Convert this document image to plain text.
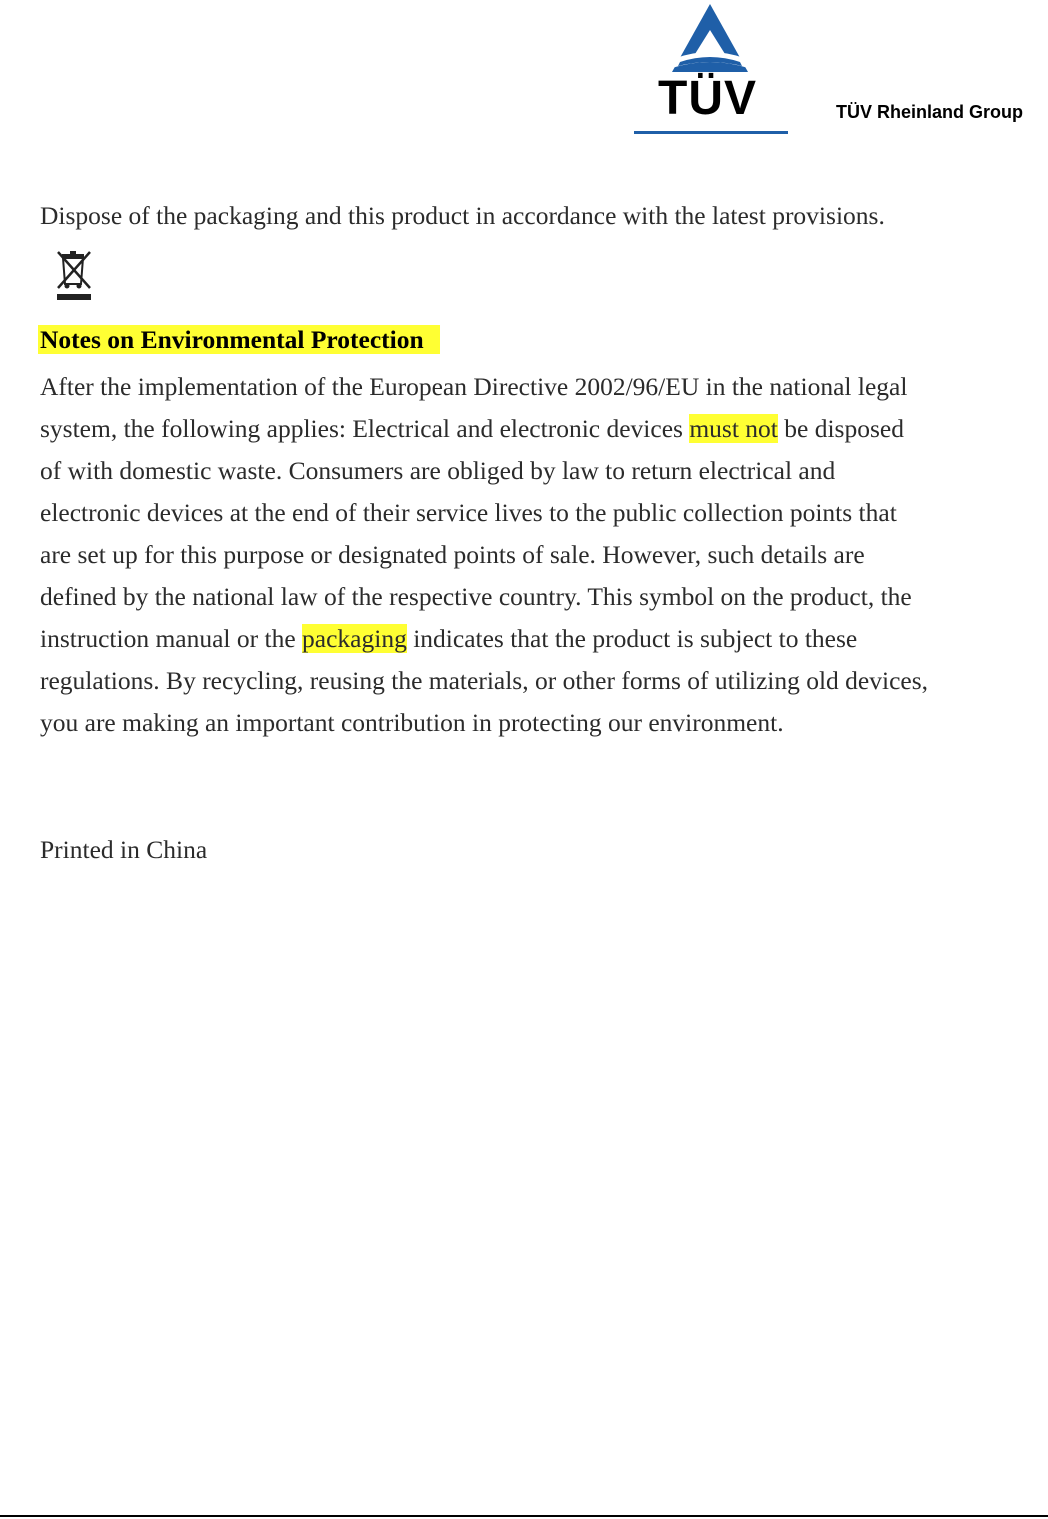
TÜV	TÜV Rheinland Group

Dispose of the packaging and this product in accordance with the latest provisions.

Notes on Environmental Protection

After the implementation of the European Directive 2002/96/EU in the national legal
system, the following applies: Electrical and electronic devices must not be disposed
of with domestic waste. Consumers are obliged by law to return electrical and
electronic devices at the end of their service lives to the public collection points that
are set up for this purpose or designated points of sale. However, such details are
defined by the national law of the respective country. This symbol on the product, the
instruction manual or the packaging indicates that the product is subject to these
regulations. By recycling, reusing the materials, or other forms of utilizing old devices,
you are making an important contribution in protecting our environment.

Printed in China
